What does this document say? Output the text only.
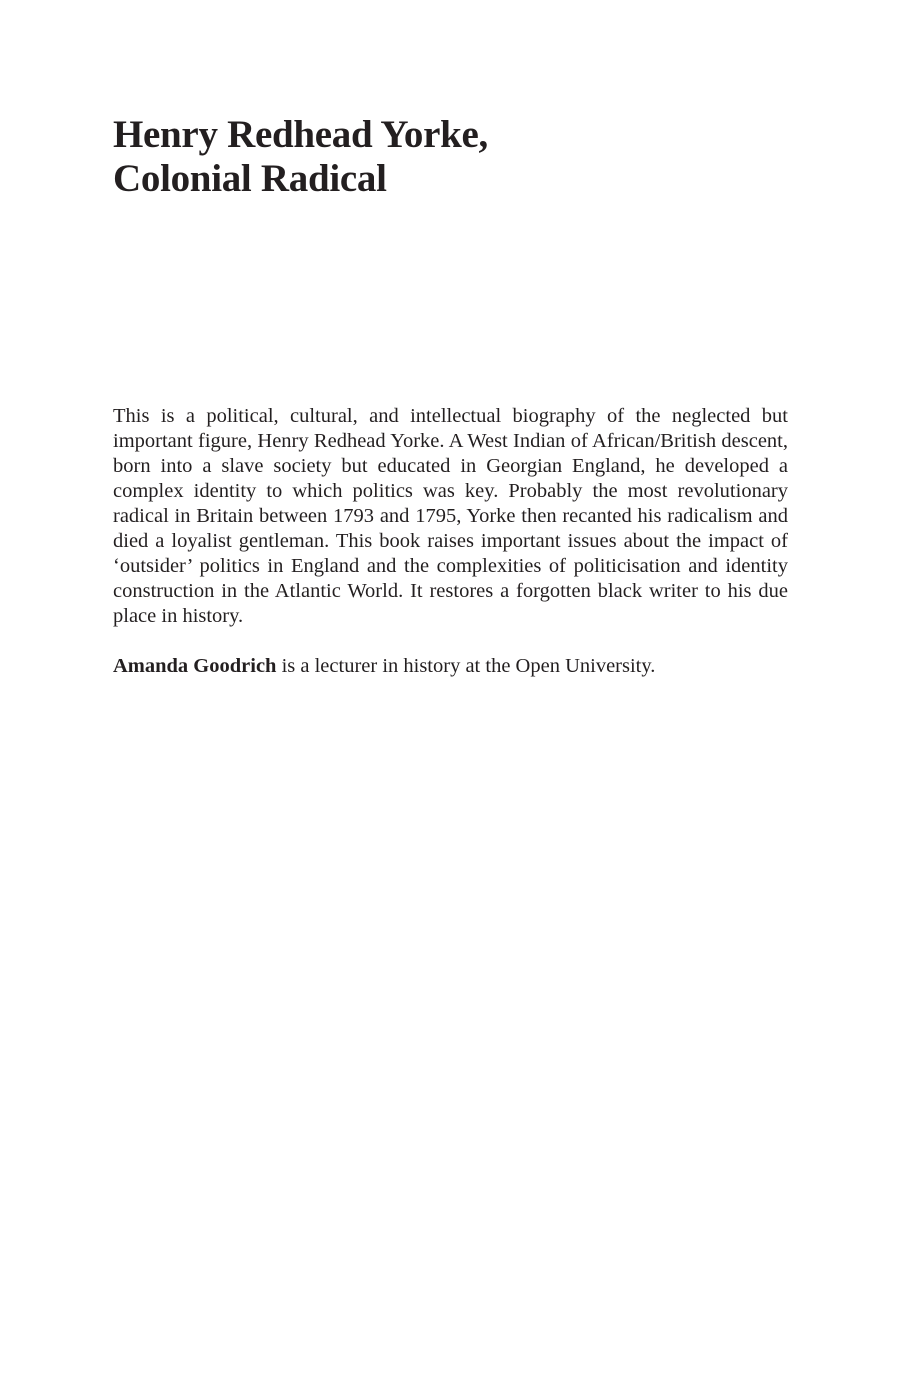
Henry Redhead Yorke,
Colonial Radical

This is a political, cultural, and intellectual biography of the neglected but important figure, Henry Redhead Yorke. A West Indian of African/British descent, born into a slave society but educated in Georgian England, he developed a complex identity to which politics was key. Probably the most revolutionary radical in Britain between 1793 and 1795, Yorke then recanted his radicalism and died a loyalist gentleman. This book raises important issues about the impact of ‘outsider’ politics in England and the complexities of politicisation and identity construction in the Atlantic World. It restores a forgotten black writer to his due place in history.

Amanda Goodrich is a lecturer in history at the Open University.
